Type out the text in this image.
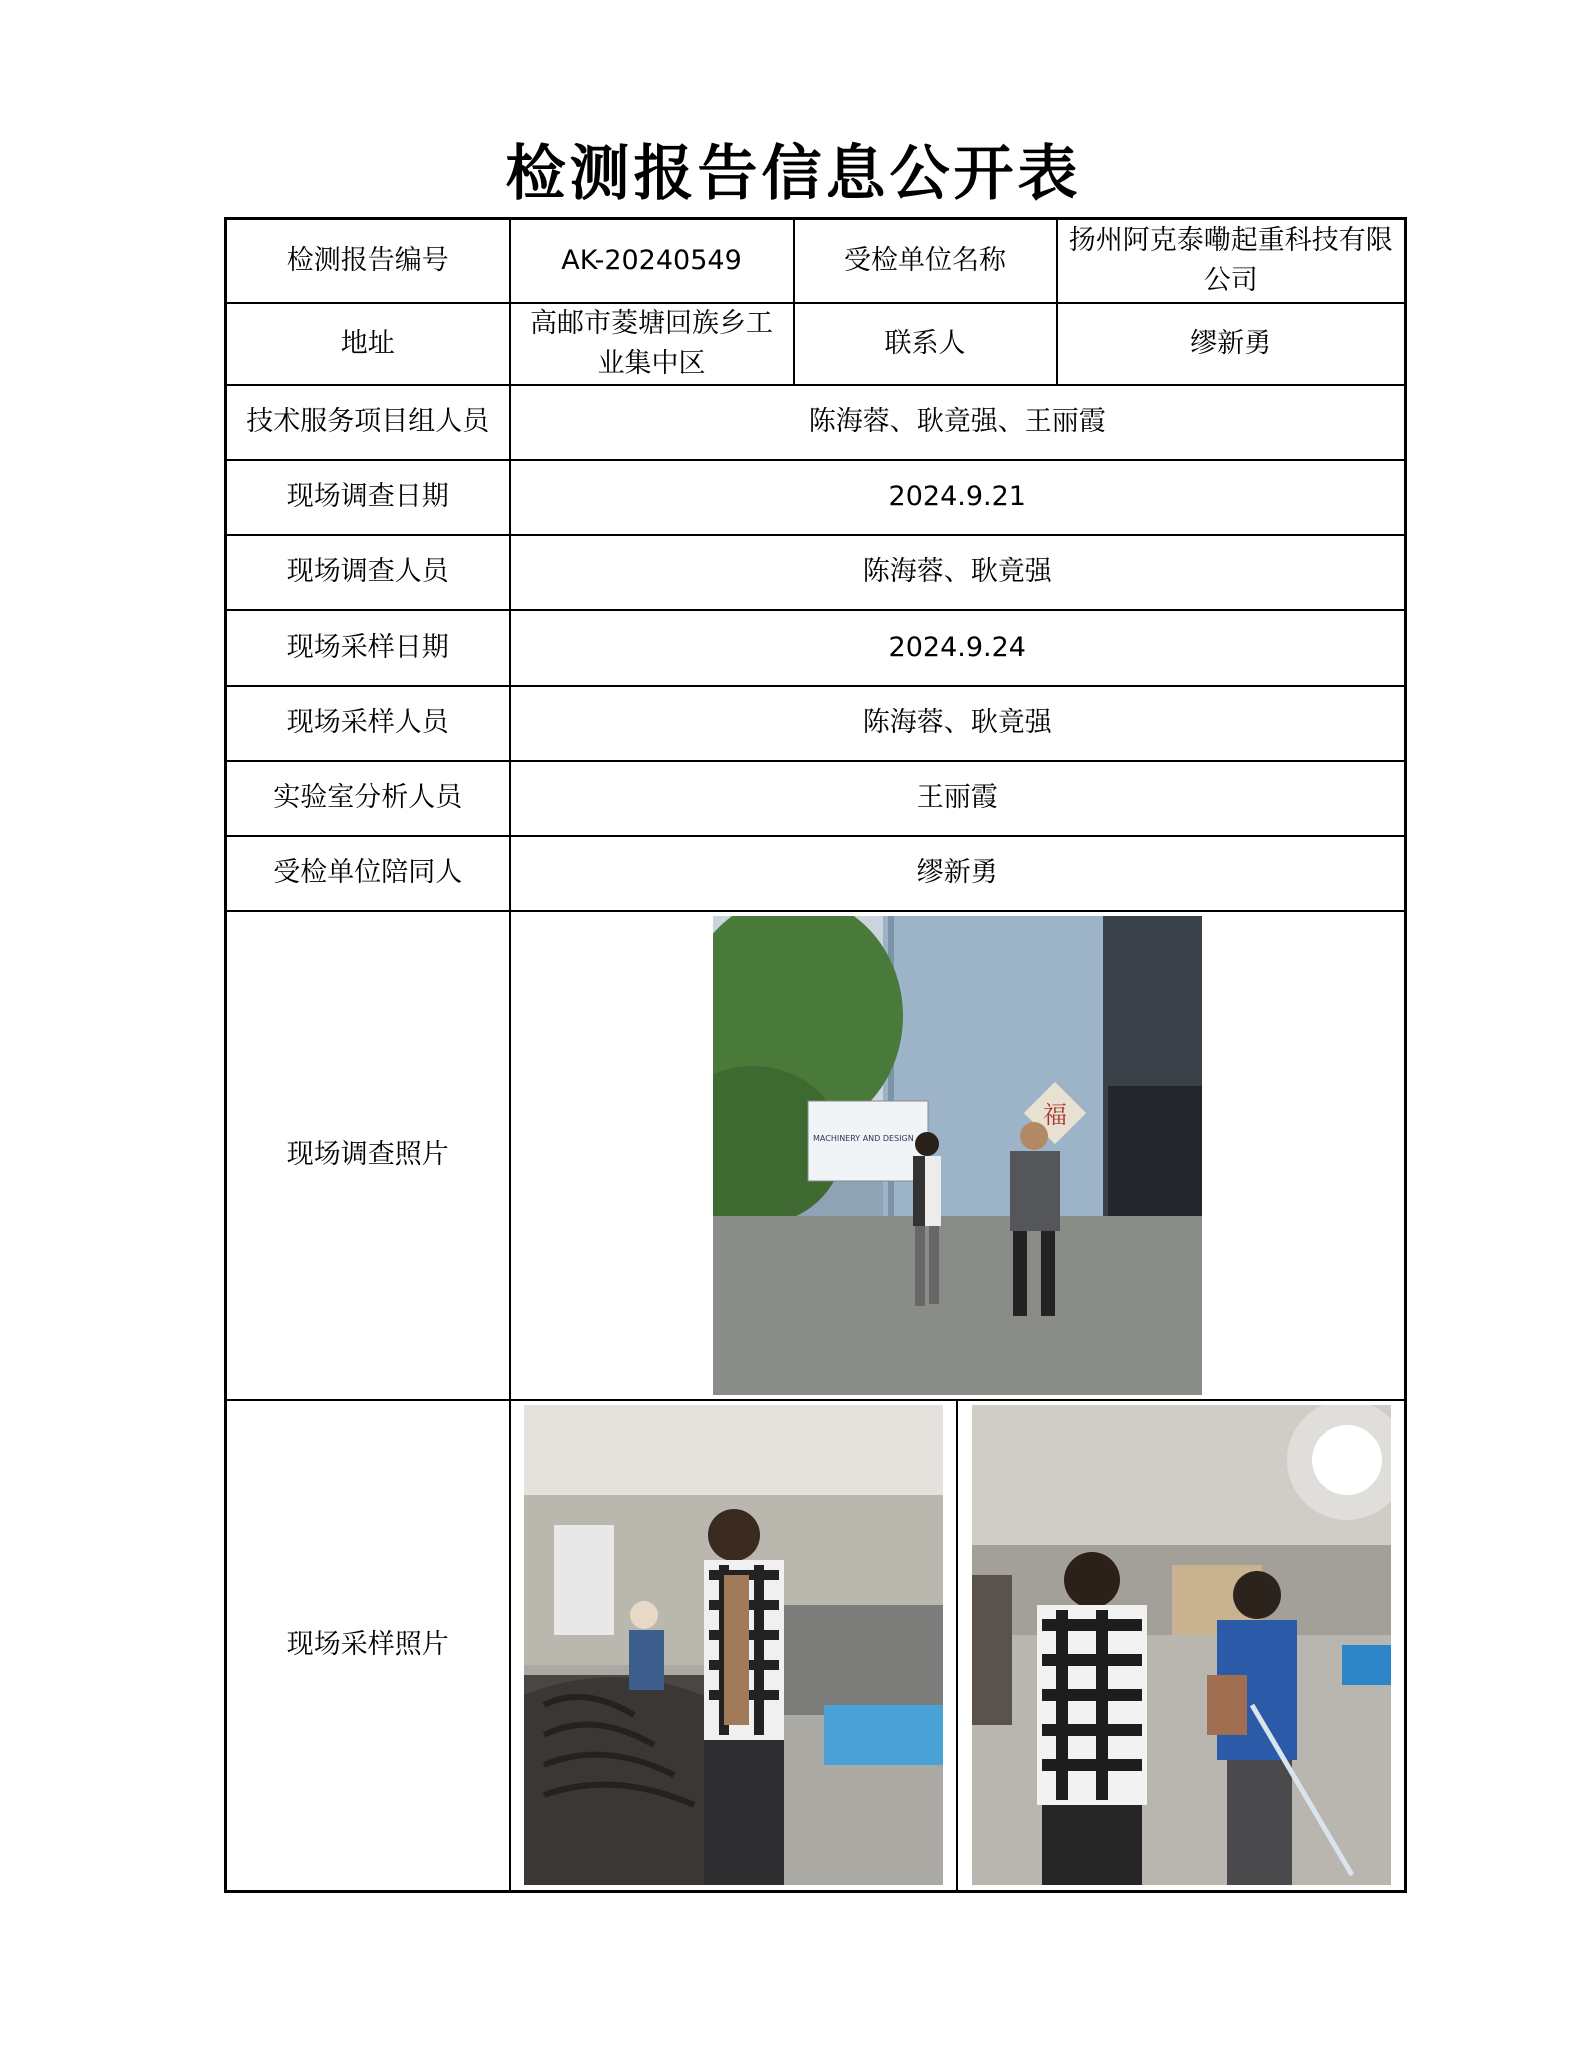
检测报告信息公开表
检测报告编号	AK-20240549	受检单位名称	扬州阿克泰嘞起重科技有限公司
地址	高邮市菱塘回族乡工业集中区	联系人	缪新勇
技术服务项目组人员	陈海蓉、耿竟强、王丽霞		
现场调查日期	2024.9.21		
现场调查人员	陈海蓉、耿竟强		
现场采样日期	2024.9.24		
现场采样人员	陈海蓉、耿竟强		
实验室分析人员	王丽霞		
受检单位陪同人	缪新勇		
现场调查照片	MACHINERY AND DESIGN
福		

现场采样照片	
